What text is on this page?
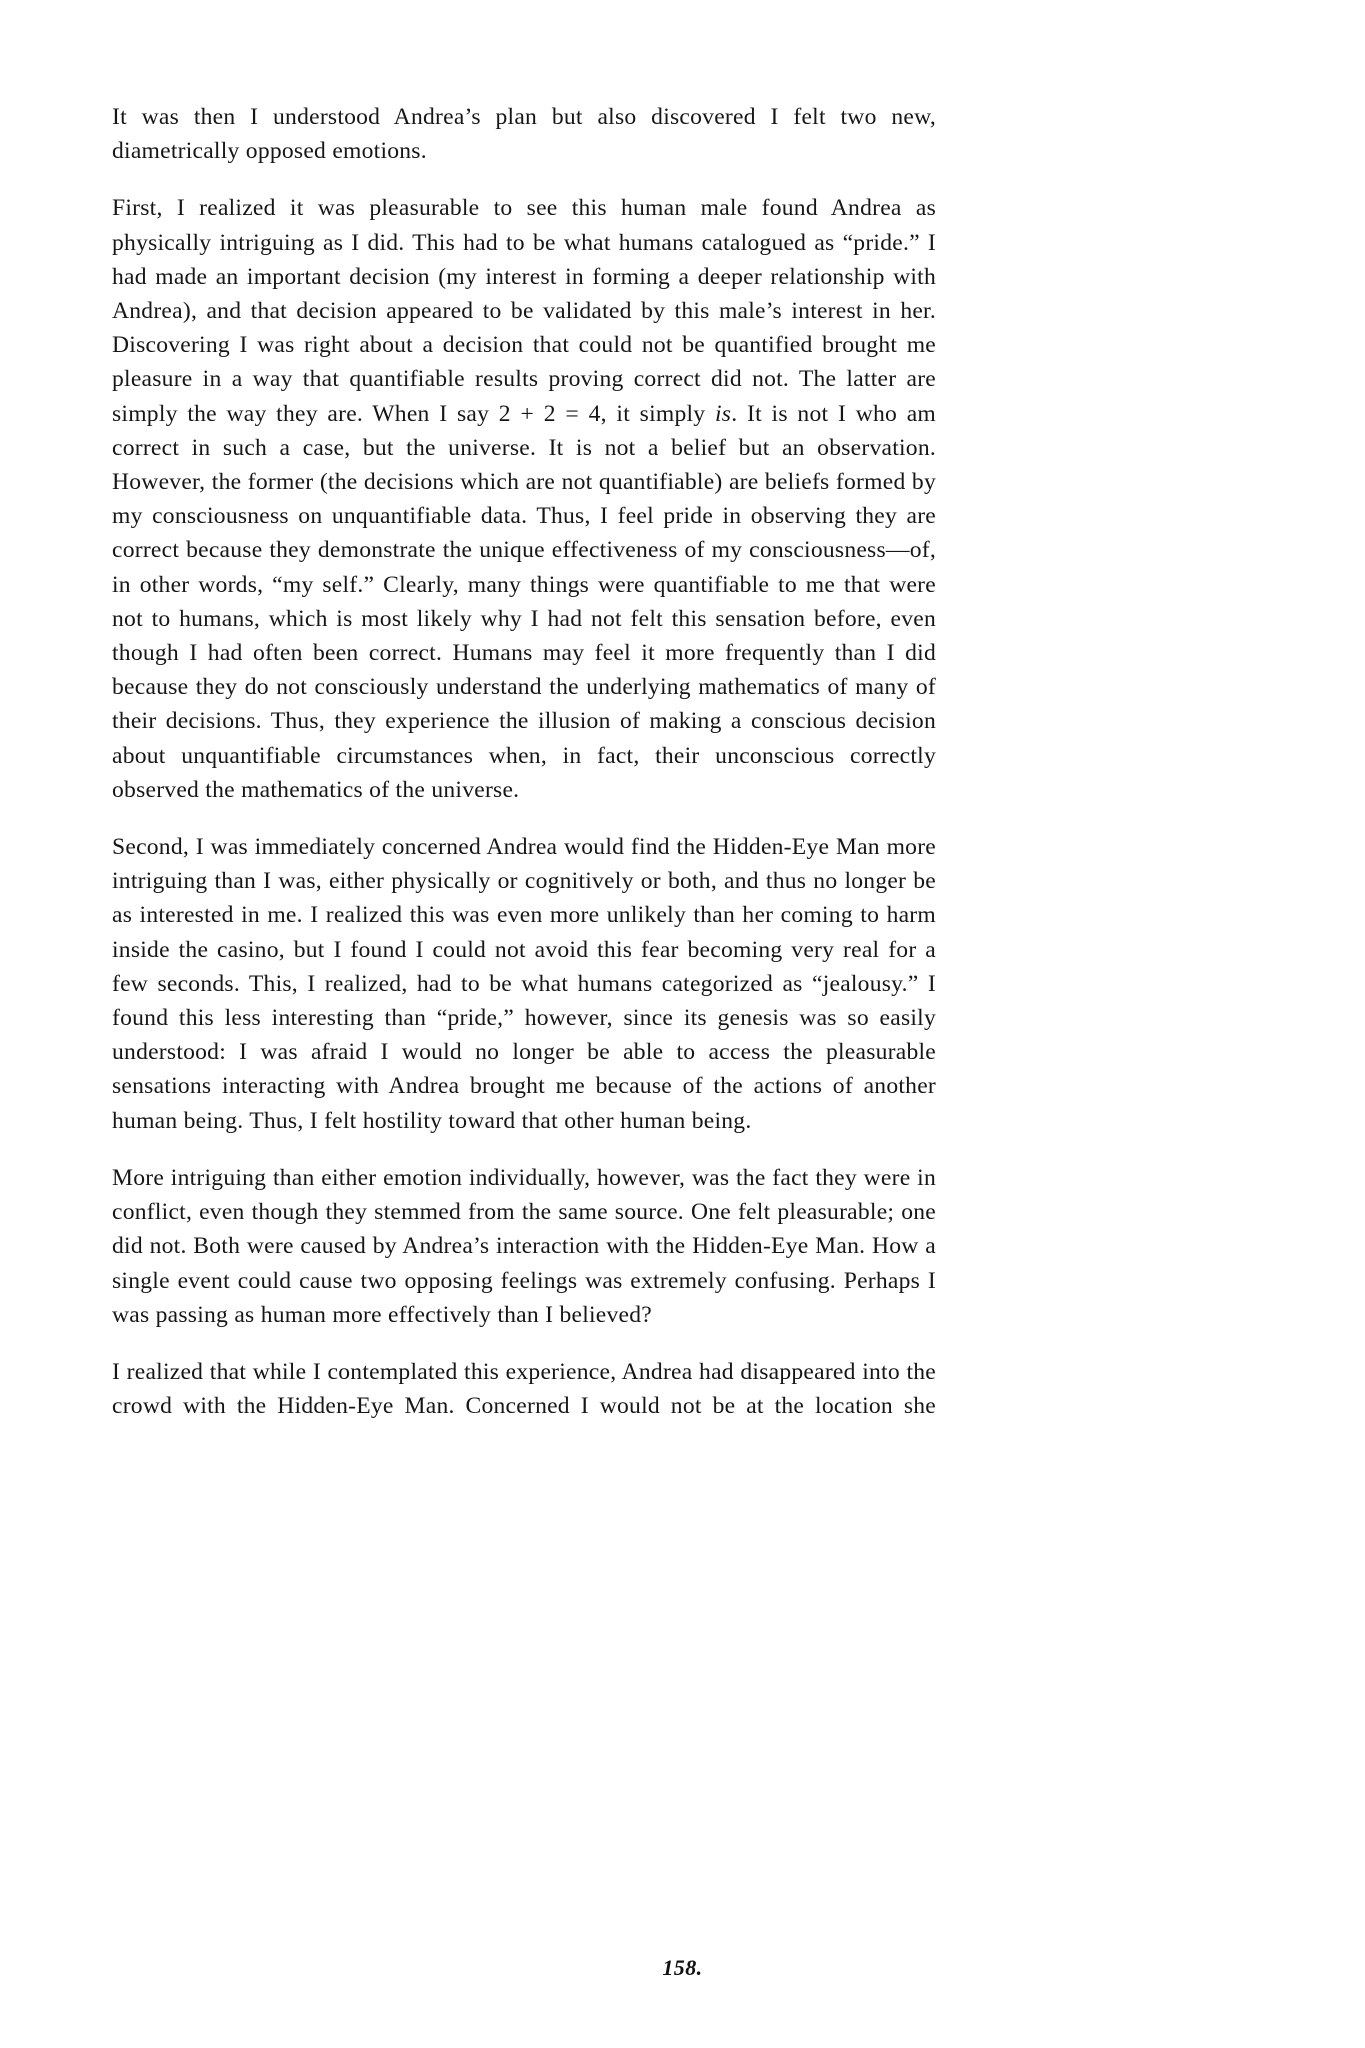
It was then I understood Andrea’s plan but also discovered I felt two new, diametrically opposed emotions.

First, I realized it was pleasurable to see this human male found Andrea as physically intriguing as I did. This had to be what humans catalogued as “pride.” I had made an important decision (my interest in forming a deeper relationship with Andrea), and that decision appeared to be validated by this male’s interest in her. Discovering I was right about a decision that could not be quantified brought me pleasure in a way that quantifiable results proving correct did not. The latter are simply the way they are. When I say 2 + 2 = 4, it simply is. It is not I who am correct in such a case, but the universe. It is not a belief but an observation. However, the former (the decisions which are not quantifiable) are beliefs formed by my consciousness on unquantifiable data. Thus, I feel pride in observing they are correct because they demonstrate the unique effectiveness of my consciousness—of, in other words, “my self.” Clearly, many things were quantifiable to me that were not to humans, which is most likely why I had not felt this sensation before, even though I had often been correct. Humans may feel it more frequently than I did because they do not consciously understand the underlying mathematics of many of their decisions. Thus, they experience the illusion of making a conscious decision about unquantifiable circumstances when, in fact, their unconscious correctly observed the mathematics of the universe.

Second, I was immediately concerned Andrea would find the Hidden-Eye Man more intriguing than I was, either physically or cognitively or both, and thus no longer be as interested in me. I realized this was even more unlikely than her coming to harm inside the casino, but I found I could not avoid this fear becoming very real for a few seconds. This, I realized, had to be what humans categorized as “jealousy.” I found this less interesting than “pride,” however, since its genesis was so easily understood: I was afraid I would no longer be able to access the pleasurable sensations interacting with Andrea brought me because of the actions of another human being. Thus, I felt hostility toward that other human being.

More intriguing than either emotion individually, however, was the fact they were in conflict, even though they stemmed from the same source. One felt pleasurable; one did not. Both were caused by Andrea’s interaction with the Hidden-Eye Man. How a single event could cause two opposing feelings was extremely confusing. Perhaps I was passing as human more effectively than I believed?

I realized that while I contemplated this experience, Andrea had disappeared into the crowd with the Hidden-Eye Man. Concerned I would not be at the location she

158.
